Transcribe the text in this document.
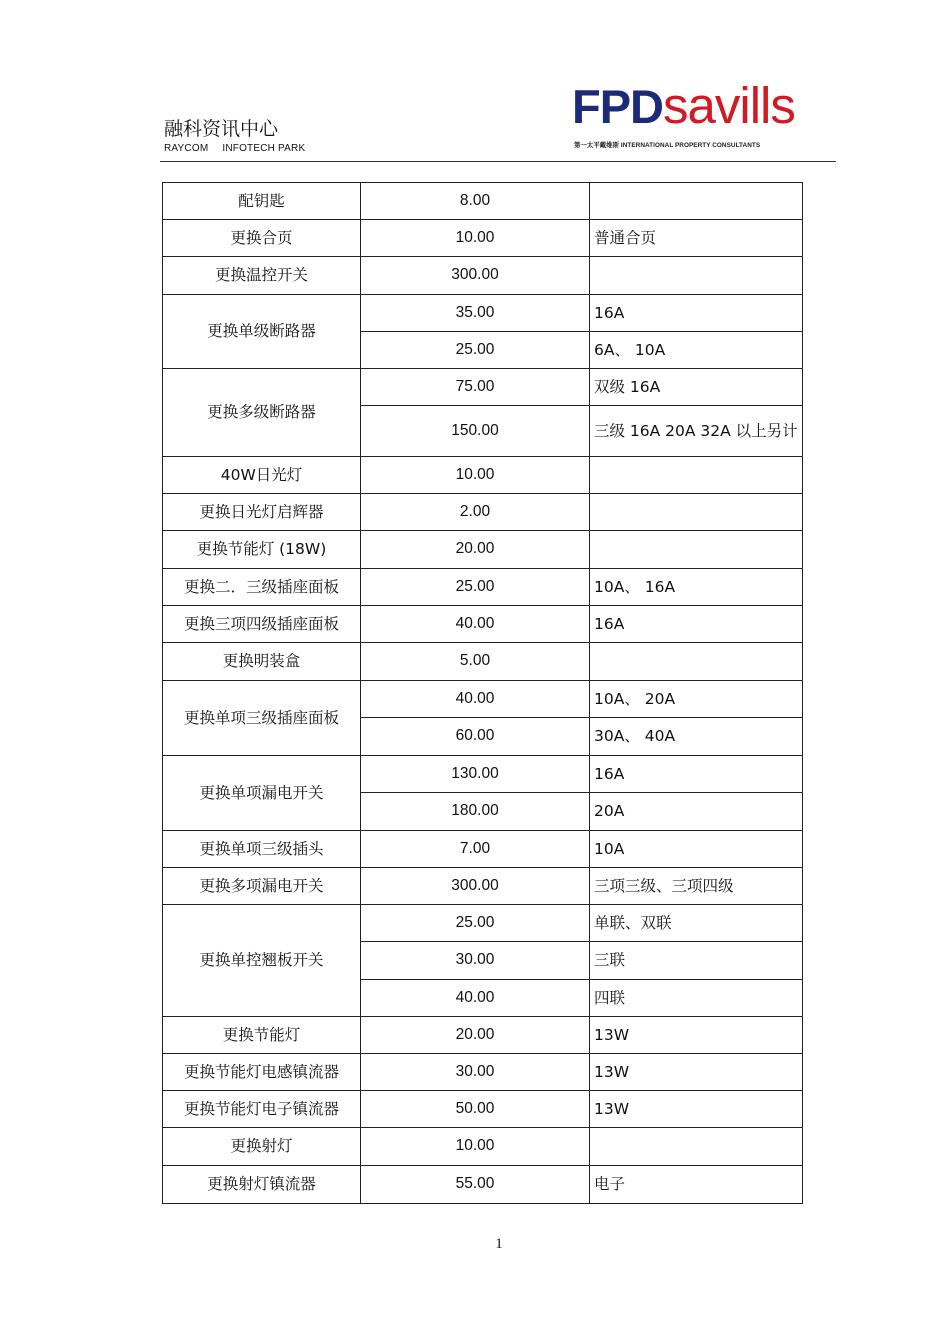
融科资讯中心
RAYCOM INFOTECH PARK
FPDsavills
第一太平戴维斯 INTERNATIONAL PROPERTY CONSULTANTS
配钥匙	8.00	
更换合页	10.00	普通合页
更换温控开关	300.00	
更换单级断路器	35.00	16A
	25.00	6A、 10A
更换多级断路器	75.00	双级 16A
	150.00	三级 16A 20A 32A 以上另计
40W日光灯	10.00	
更换日光灯启辉器	2.00	
更换节能灯 (18W)	20.00	
更换二．三级插座面板	25.00	10A、 16A
更换三项四级插座面板	40.00	16A
更换明装盒	5.00	
更换单项三级插座面板	40.00	10A、 20A
	60.00	30A、 40A
更换单项漏电开关	130.00	16A
	180.00	20A
更换单项三级插头	7.00	10A
更换多项漏电开关	300.00	三项三级、三项四级
更换单控翘板开关	25.00	单联、双联
	30.00	三联
	40.00	四联
更换节能灯	20.00	13W
更换节能灯电感镇流器	30.00	13W
更换节能灯电子镇流器	50.00	13W
更换射灯	10.00	
更换射灯镇流器	55.00	电子
1
